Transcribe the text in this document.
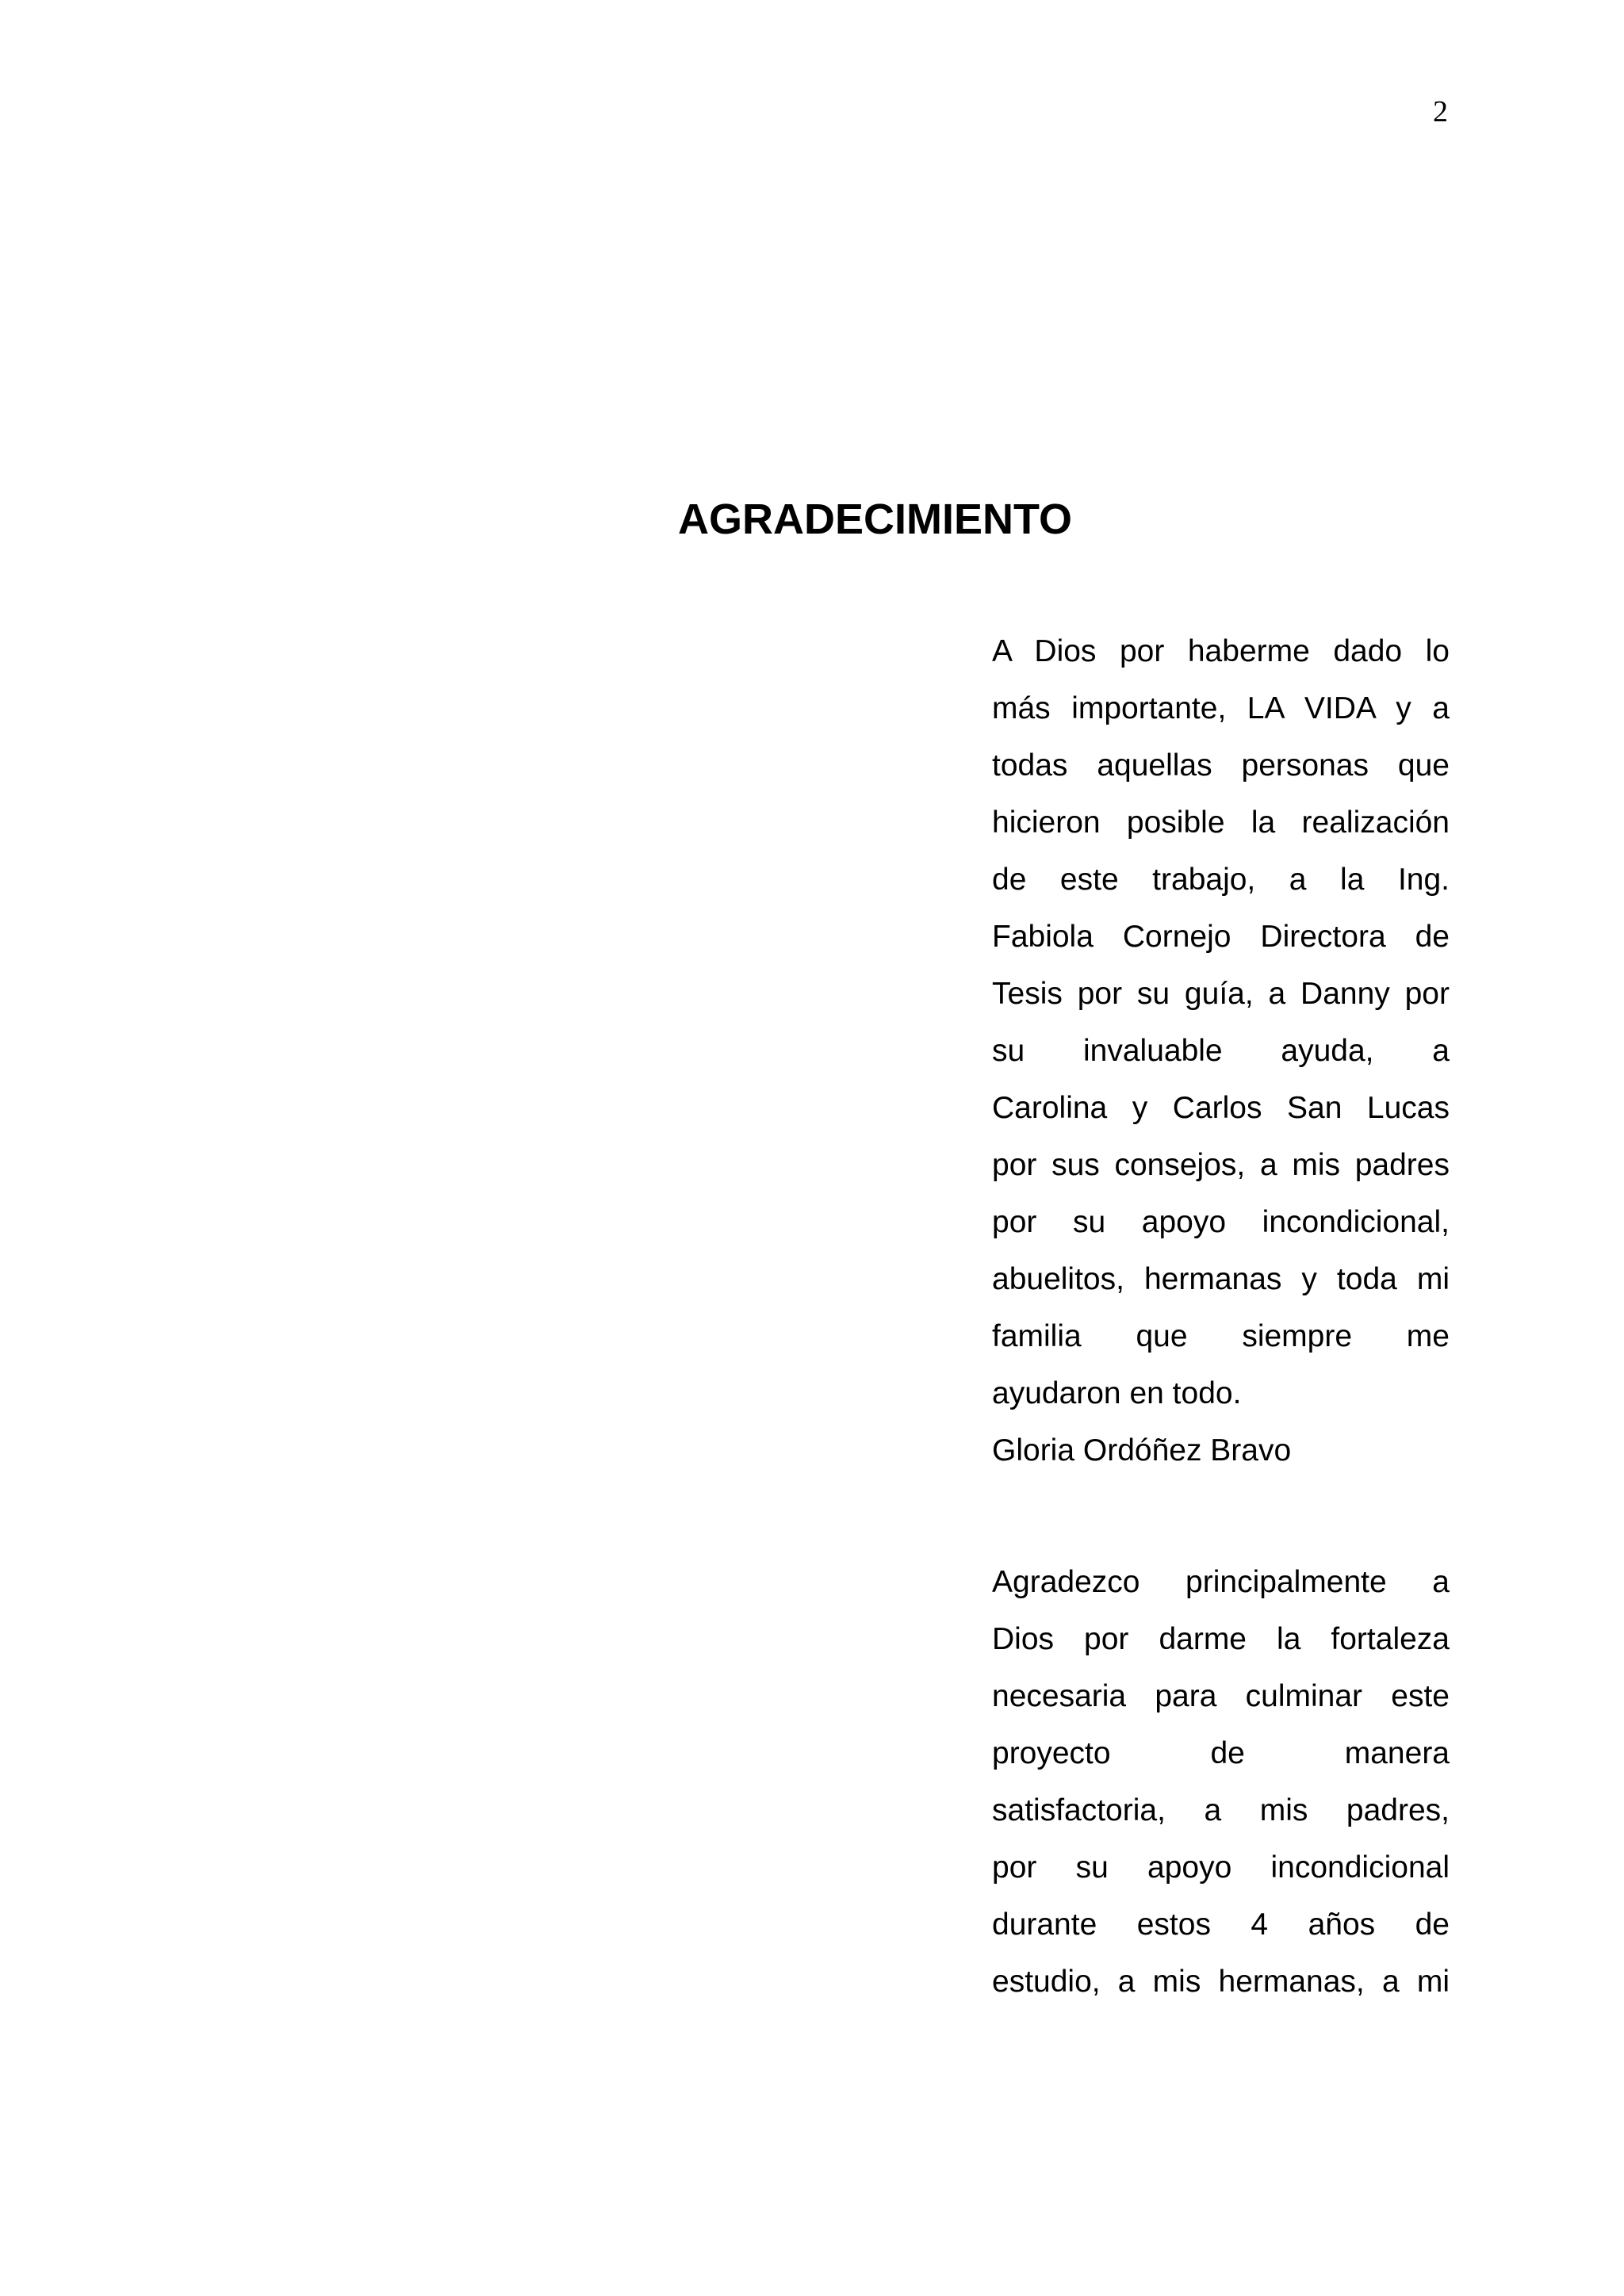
2
AGRADECIMIENTO
A Dios por haberme dado lo
más importante, LA VIDA y a
todas aquellas personas que
hicieron posible la realización
de este trabajo, a la Ing.
Fabiola Cornejo Directora de
Tesis por su guía, a Danny por
su invaluable ayuda, a
Carolina y Carlos San Lucas
por sus consejos, a mis padres
por su apoyo incondicional,
abuelitos, hermanas y toda mi
familia que siempre me
ayudaron en todo.
Gloria Ordóñez Bravo
Agradezco principalmente a
Dios por darme la fortaleza
necesaria para culminar este
proyecto de manera
satisfactoria, a mis padres,
por su apoyo incondicional
durante estos 4 años de
estudio, a mis hermanas, a mi
